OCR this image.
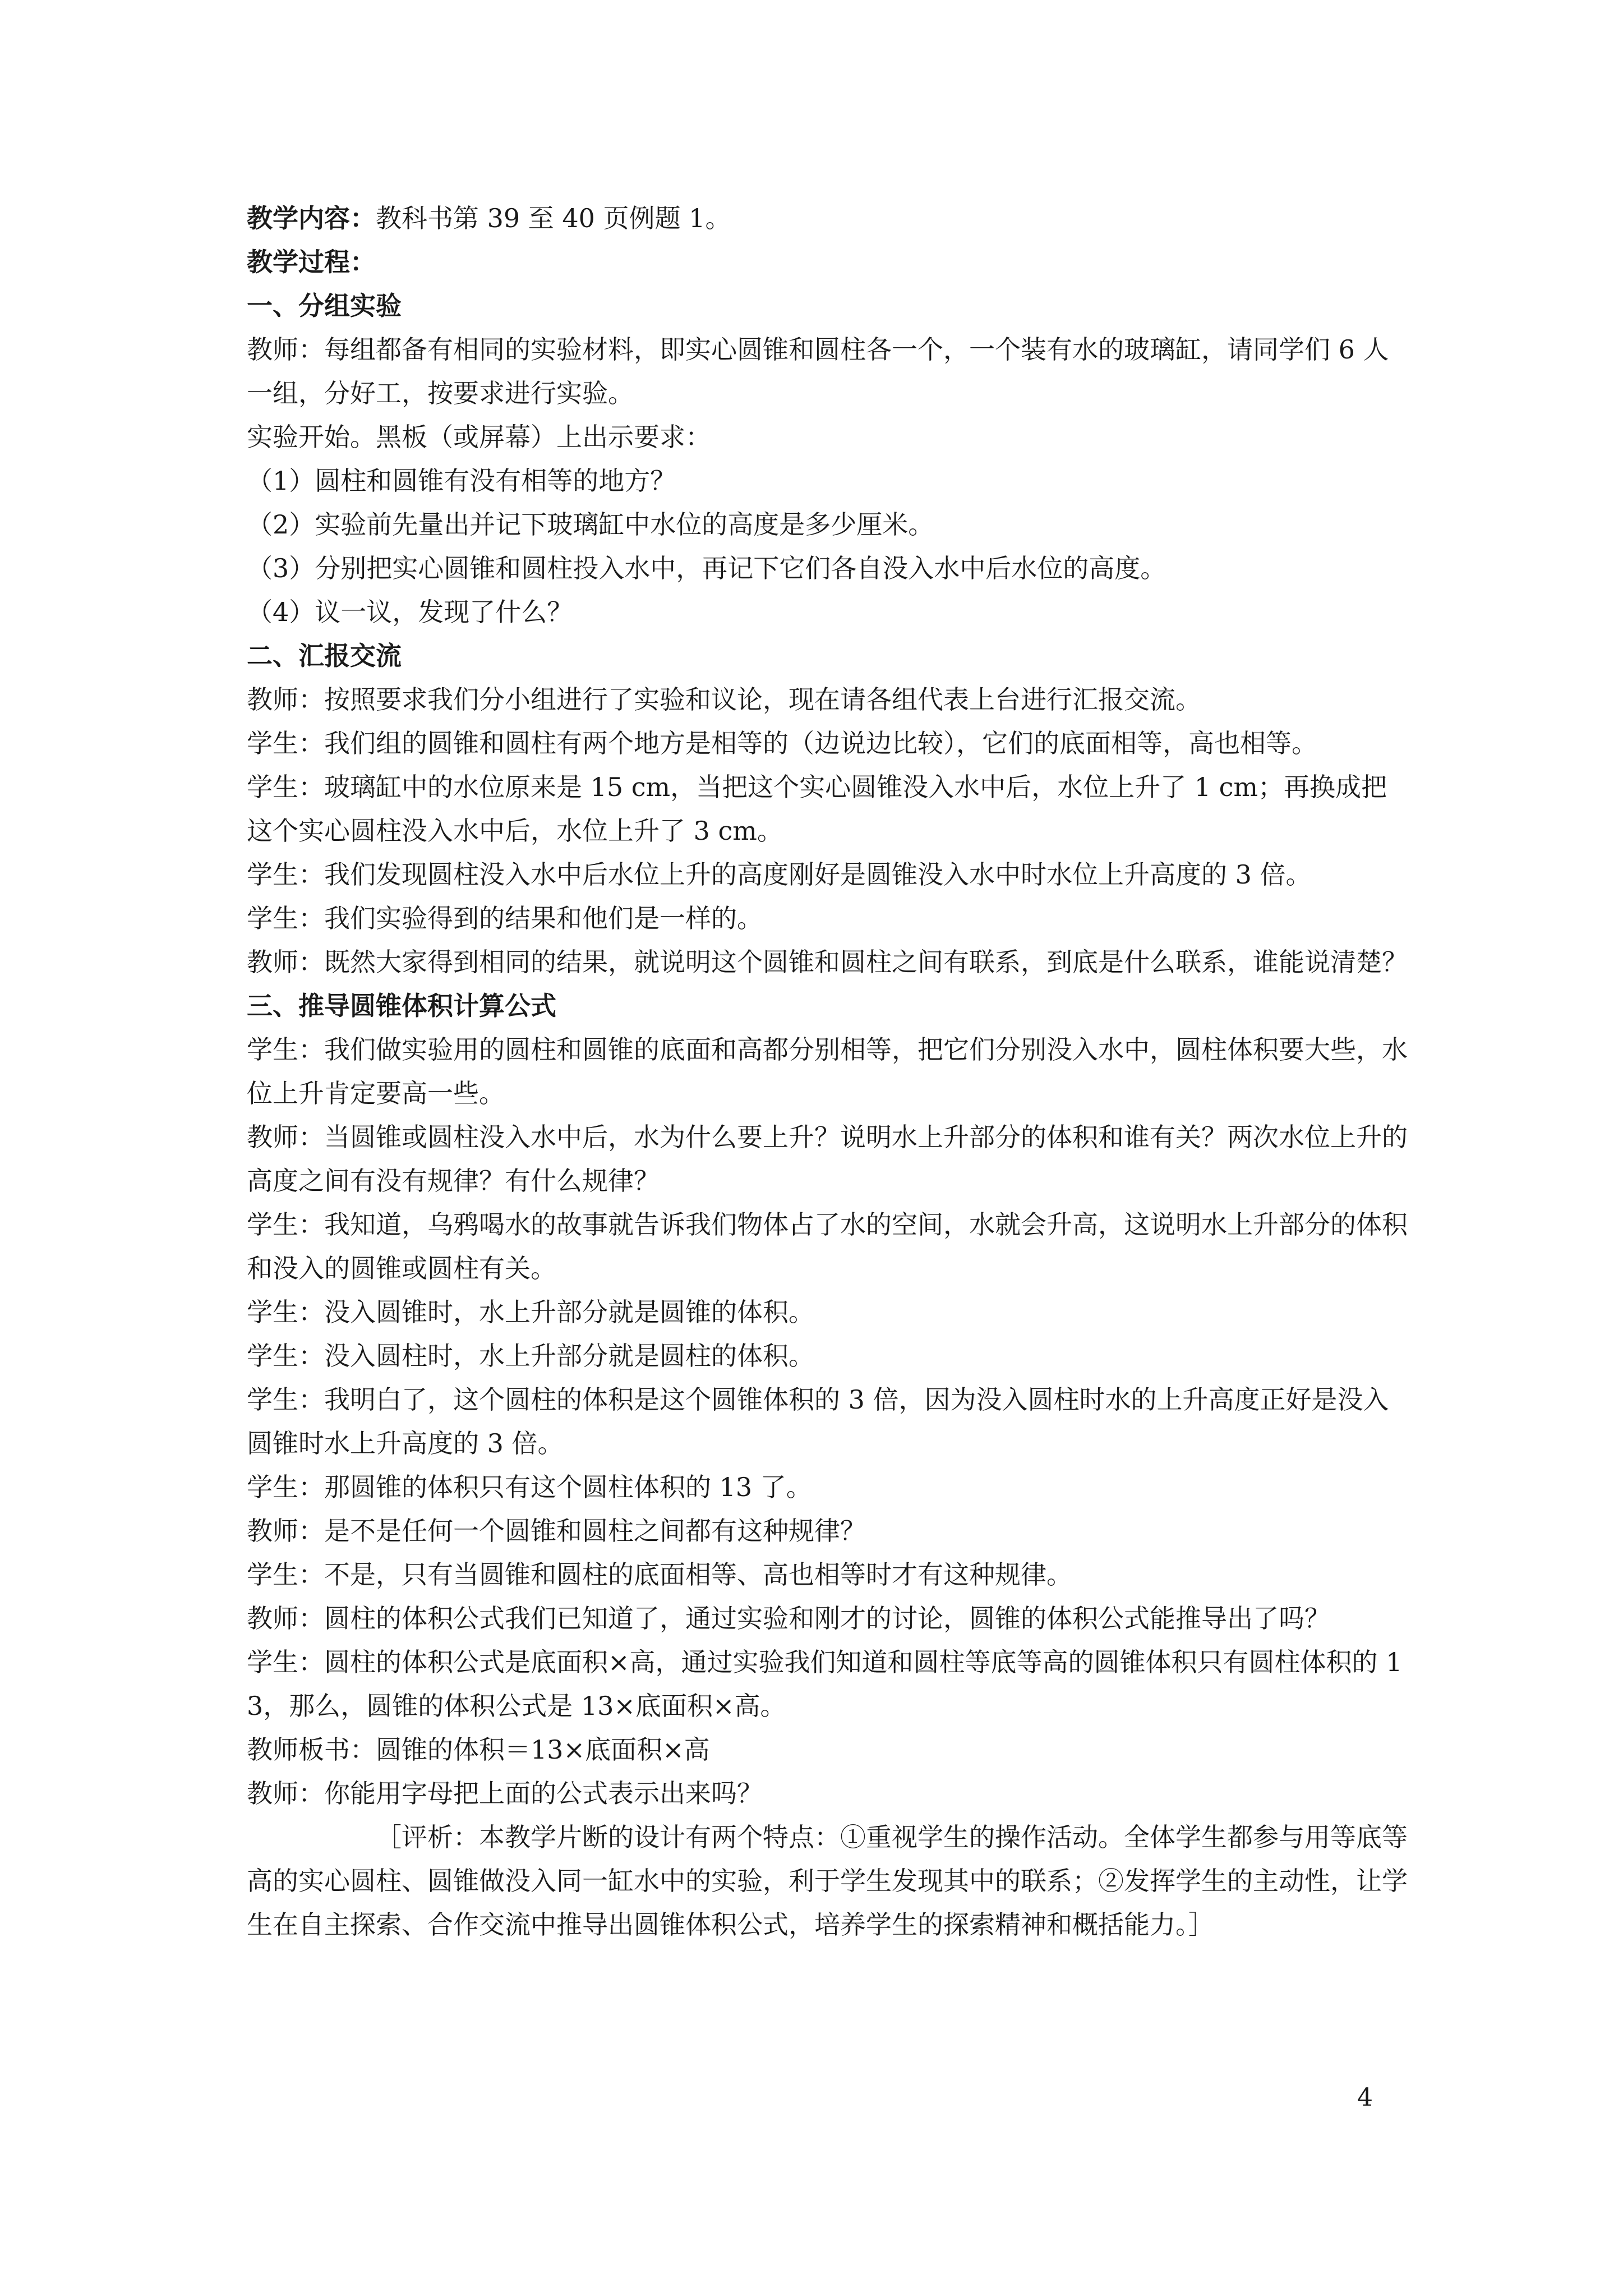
教学内容：教科书第 39 至 40 页例题 1。

教学过程：

一、分组实验

教师：每组都备有相同的实验材料，即实心圆锥和圆柱各一个，一个装有水的玻璃缸，请同学们 6 人一组，分好工，按要求进行实验。

实验开始。黑板（或屏幕）上出示要求：

（1）圆柱和圆锥有没有相等的地方？

（2）实验前先量出并记下玻璃缸中水位的高度是多少厘米。

（3）分别把实心圆锥和圆柱投入水中，再记下它们各自没入水中后水位的高度。

（4）议一议，发现了什么？

二、汇报交流

教师：按照要求我们分小组进行了实验和议论，现在请各组代表上台进行汇报交流。

学生：我们组的圆锥和圆柱有两个地方是相等的（边说边比较），它们的底面相等，高也相等。

学生：玻璃缸中的水位原来是 15 cm，当把这个实心圆锥没入水中后，水位上升了 1 cm；再换成把这个实心圆柱没入水中后，水位上升了 3 cm。

学生：我们发现圆柱没入水中后水位上升的高度刚好是圆锥没入水中时水位上升高度的 3 倍。

学生：我们实验得到的结果和他们是一样的。

教师：既然大家得到相同的结果，就说明这个圆锥和圆柱之间有联系，到底是什么联系，谁能说清楚？

三、推导圆锥体积计算公式

学生：我们做实验用的圆柱和圆锥的底面和高都分别相等，把它们分别没入水中，圆柱体积要大些，水位上升肯定要高一些。

教师：当圆锥或圆柱没入水中后，水为什么要上升？说明水上升部分的体积和谁有关？两次水位上升的高度之间有没有规律？有什么规律？

学生：我知道，乌鸦喝水的故事就告诉我们物体占了水的空间，水就会升高，这说明水上升部分的体积和没入的圆锥或圆柱有关。

学生：没入圆锥时，水上升部分就是圆锥的体积。

学生：没入圆柱时，水上升部分就是圆柱的体积。

学生：我明白了，这个圆柱的体积是这个圆锥体积的 3 倍，因为没入圆柱时水的上升高度正好是没入圆锥时水上升高度的 3 倍。

学生：那圆锥的体积只有这个圆柱体积的 13 了。

教师：是不是任何一个圆锥和圆柱之间都有这种规律？

学生：不是，只有当圆锥和圆柱的底面相等、高也相等时才有这种规律。

教师：圆柱的体积公式我们已知道了，通过实验和刚才的讨论，圆锥的体积公式能推导出了吗？

学生：圆柱的体积公式是底面积×高，通过实验我们知道和圆柱等底等高的圆锥体积只有圆柱体积的 13，那么，圆锥的体积公式是 13×底面积×高。

教师板书：圆锥的体积＝13×底面积×高

教师：你能用字母把上面的公式表示出来吗？

［评析：本教学片断的设计有两个特点：①重视学生的操作活动。全体学生都参与用等底等高的实心圆柱、圆锥做没入同一缸水中的实验，利于学生发现其中的联系；②发挥学生的主动性，让学生在自主探索、合作交流中推导出圆锥体积公式，培养学生的探索精神和概括能力。］

4
